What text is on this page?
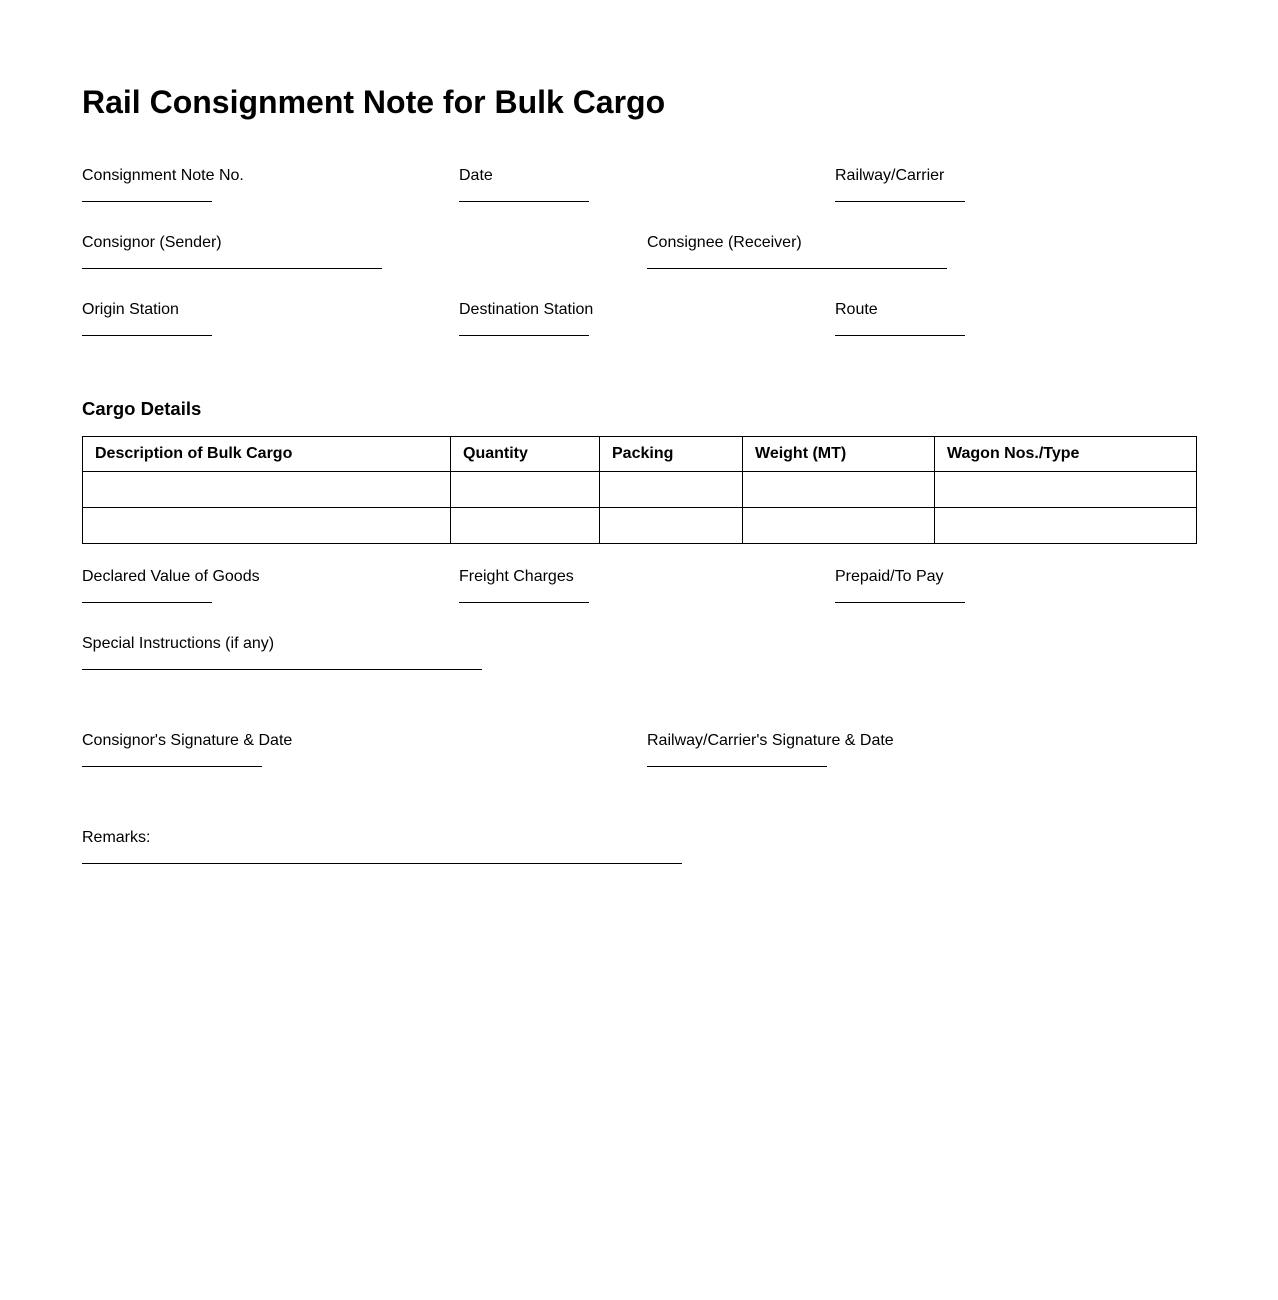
Rail Consignment Note for Bulk Cargo
Consignment Note No.	Date	Railway/Carrier
Consignor (Sender)	Consignee (Receiver)
Origin Station	Destination Station	Route
Cargo Details
Description of Bulk Cargo	Quantity	Packing	Weight (MT)	Wagon Nos./Type

Declared Value of Goods	Freight Charges	Prepaid/To Pay
Special Instructions (if any)
Consignor's Signature & Date	Railway/Carrier's Signature & Date
Remarks:
